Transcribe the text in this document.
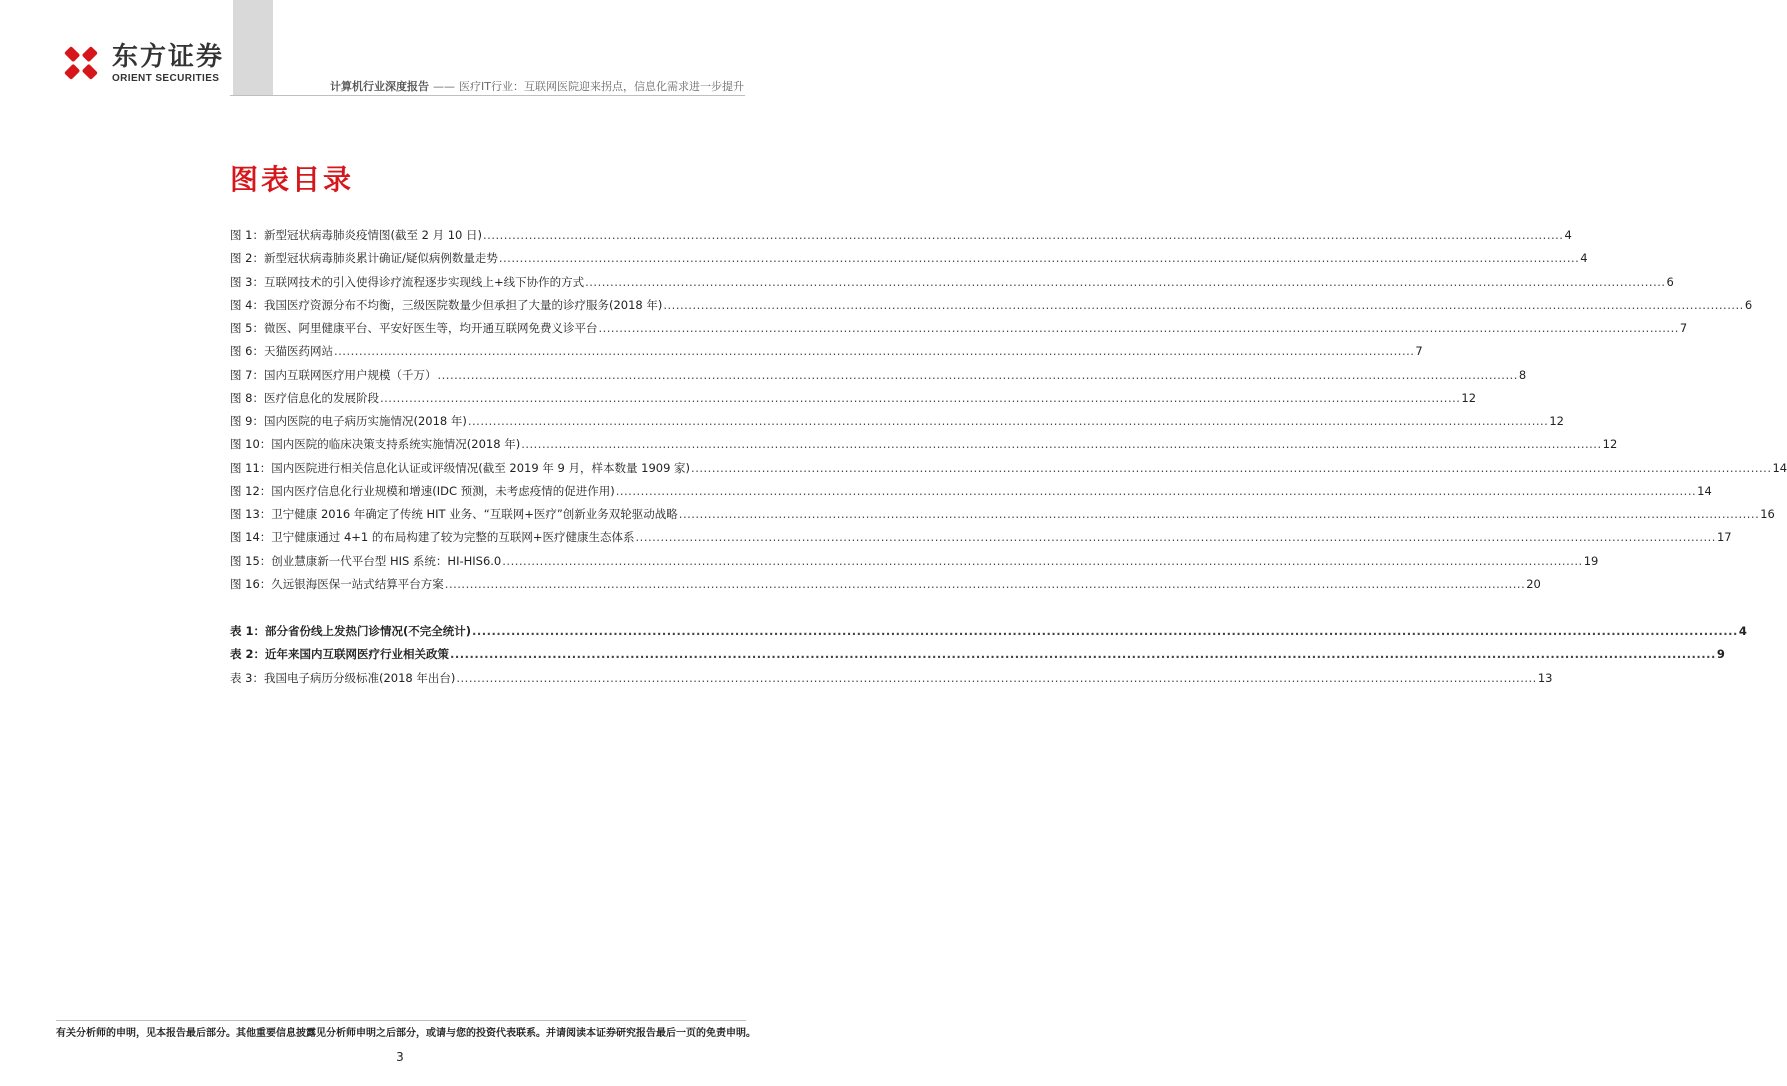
东方证券
ORIENT SECURITIES
计算机行业深度报告 —— 医疗IT行业：互联网医院迎来拐点，信息化需求进一步提升
图表目录
图 1：新型冠状病毒肺炎疫情图(截至 2 月 10 日) .................................................................................................................................................................................................................................................................... 4
图 2：新型冠状病毒肺炎累计确证/疑似病例数量走势 .................................................................................................................................................................................................................................................................... 4
图 3：互联网技术的引入使得诊疗流程逐步实现线上+线下协作的方式 .................................................................................................................................................................................................................................................................... 6
图 4：我国医疗资源分布不均衡，三级医院数量少但承担了大量的诊疗服务(2018 年) .................................................................................................................................................................................................................................................................... 6
图 5：微医、阿里健康平台、平安好医生等，均开通互联网免费义诊平台 .................................................................................................................................................................................................................................................................... 7
图 6：天猫医药网站 .................................................................................................................................................................................................................................................................... 7
图 7：国内互联网医疗用户规模（千万） .................................................................................................................................................................................................................................................................... 8
图 8：医疗信息化的发展阶段 .................................................................................................................................................................................................................................................................... 12
图 9：国内医院的电子病历实施情况(2018 年) .................................................................................................................................................................................................................................................................... 12
图 10：国内医院的临床决策支持系统实施情况(2018 年) .................................................................................................................................................................................................................................................................... 12
图 11：国内医院进行相关信息化认证或评级情况(截至 2019 年 9 月，样本数量 1909 家) .................................................................................................................................................................................................................................................................... 14
图 12：国内医疗信息化行业规模和增速(IDC 预测，未考虑疫情的促进作用) .................................................................................................................................................................................................................................................................... 14
图 13：卫宁健康 2016 年确定了传统 HIT 业务、“互联网+医疗”创新业务双轮驱动战略 .................................................................................................................................................................................................................................................................... 16
图 14：卫宁健康通过 4+1 的布局构建了较为完整的互联网+医疗健康生态体系 .................................................................................................................................................................................................................................................................... 17
图 15：创业慧康新一代平台型 HIS 系统：HI-HIS6.0 .................................................................................................................................................................................................................................................................... 19
图 16：久远银海医保一站式结算平台方案 .................................................................................................................................................................................................................................................................... 20
表 1：部分省份线上发热门诊情况(不完全统计) .................................................................................................................................................................................................................................................................... 4
表 2：近年来国内互联网医疗行业相关政策 .................................................................................................................................................................................................................................................................... 9
表 3：我国电子病历分级标准(2018 年出台) .................................................................................................................................................................................................................................................................... 13
有关分析师的申明，见本报告最后部分。其他重要信息披露见分析师申明之后部分，或请与您的投资代表联系。并请阅读本证券研究报告最后一页的免责申明。
3
